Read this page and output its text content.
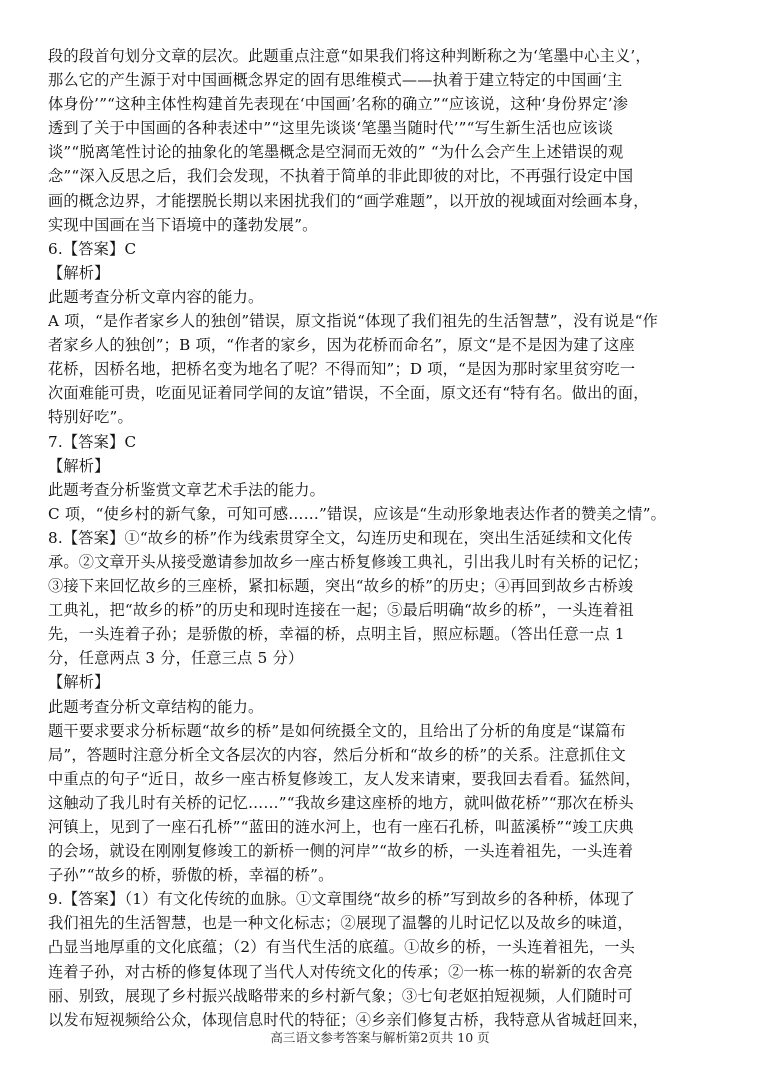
段的段首句划分文章的层次。此题重点注意“如果我们将这种判断称之为‘笔墨中心主义’，
那么它的产生源于对中国画概念界定的固有思维模式——执着于建立特定的中国画‘主
体身份’”“这种主体性构建首先表现在‘中国画’名称的确立”“应该说，这种‘身份界定’渗
透到了关于中国画的各种表述中”“这里先谈谈‘笔墨当随时代’”“写生新生活也应该谈
谈”“脱离笔性讨论的抽象化的笔墨概念是空洞而无效的” “为什么会产生上述错误的观
念”“深入反思之后，我们会发现，不执着于简单的非此即彼的对比，不再强行设定中国
画的概念边界，才能摆脱长期以来困扰我们的“画学难题”，以开放的视域面对绘画本身，
实现中国画在当下语境中的蓬勃发展”。
6.【答案】C
【解析】
此题考查分析文章内容的能力。
A 项，“是作者家乡人的独创”错误，原文指说“体现了我们祖先的生活智慧”，没有说是“作
者家乡人的独创”；B 项，“作者的家乡，因为花桥而命名”，原文“是不是因为建了这座
花桥，因桥名地，把桥名变为地名了呢？不得而知”；D 项，“是因为那时家里贫穷吃一
次面难能可贵，吃面见证着同学间的友谊”错误，不全面，原文还有“特有名。做出的面，
特别好吃”。
7.【答案】C
【解析】
此题考查分析鉴赏文章艺术手法的能力。
C 项，“使乡村的新气象，可知可感……”错误，应该是“生动形象地表达作者的赞美之情”。
8.【答案】①“故乡的桥”作为线索贯穿全文，勾连历史和现在，突出生活延续和文化传
承。②文章开头从接受邀请参加故乡一座古桥复修竣工典礼，引出我儿时有关桥的记忆；
③接下来回忆故乡的三座桥，紧扣标题，突出“故乡的桥”的历史；④再回到故乡古桥竣
工典礼，把“故乡的桥”的历史和现时连接在一起；⑤最后明确“故乡的桥”，一头连着祖
先，一头连着子孙；是骄傲的桥，幸福的桥，点明主旨，照应标题。（答出任意一点 1
分，任意两点 3 分，任意三点 5 分）
【解析】
此题考查分析文章结构的能力。
题干要求要求分析标题“故乡的桥”是如何统摄全文的，且给出了分析的角度是“谋篇布
局”，答题时注意分析全文各层次的内容，然后分析和“故乡的桥”的关系。注意抓住文
中重点的句子“近日，故乡一座古桥复修竣工，友人发来请柬，要我回去看看。猛然间，
这触动了我儿时有关桥的记忆……”“我故乡建这座桥的地方，就叫做花桥”“那次在桥头
河镇上，见到了一座石孔桥”“蓝田的涟水河上，也有一座石孔桥，叫蓝溪桥”“竣工庆典
的会场，就设在刚刚复修竣工的新桥一侧的河岸”“故乡的桥，一头连着祖先，一头连着
子孙”“故乡的桥，骄傲的桥，幸福的桥”。
9.【答案】（1）有文化传统的血脉。①文章围绕“故乡的桥”写到故乡的各种桥，体现了
我们祖先的生活智慧，也是一种文化标志；②展现了温馨的儿时记忆以及故乡的味道，
凸显当地厚重的文化底蕴；（2）有当代生活的底蕴。①故乡的桥，一头连着祖先，一头
连着子孙，对古桥的修复体现了当代人对传统文化的传承；②一栋一栋的崭新的农舍亮
丽、别致，展现了乡村振兴战略带来的乡村新气象；③七旬老妪拍短视频，人们随时可
以发布短视频给公众，体现信息时代的特征；④乡亲们修复古桥，我特意从省城赶回来，
高三语文参考答案与解析第2页共 10 页
